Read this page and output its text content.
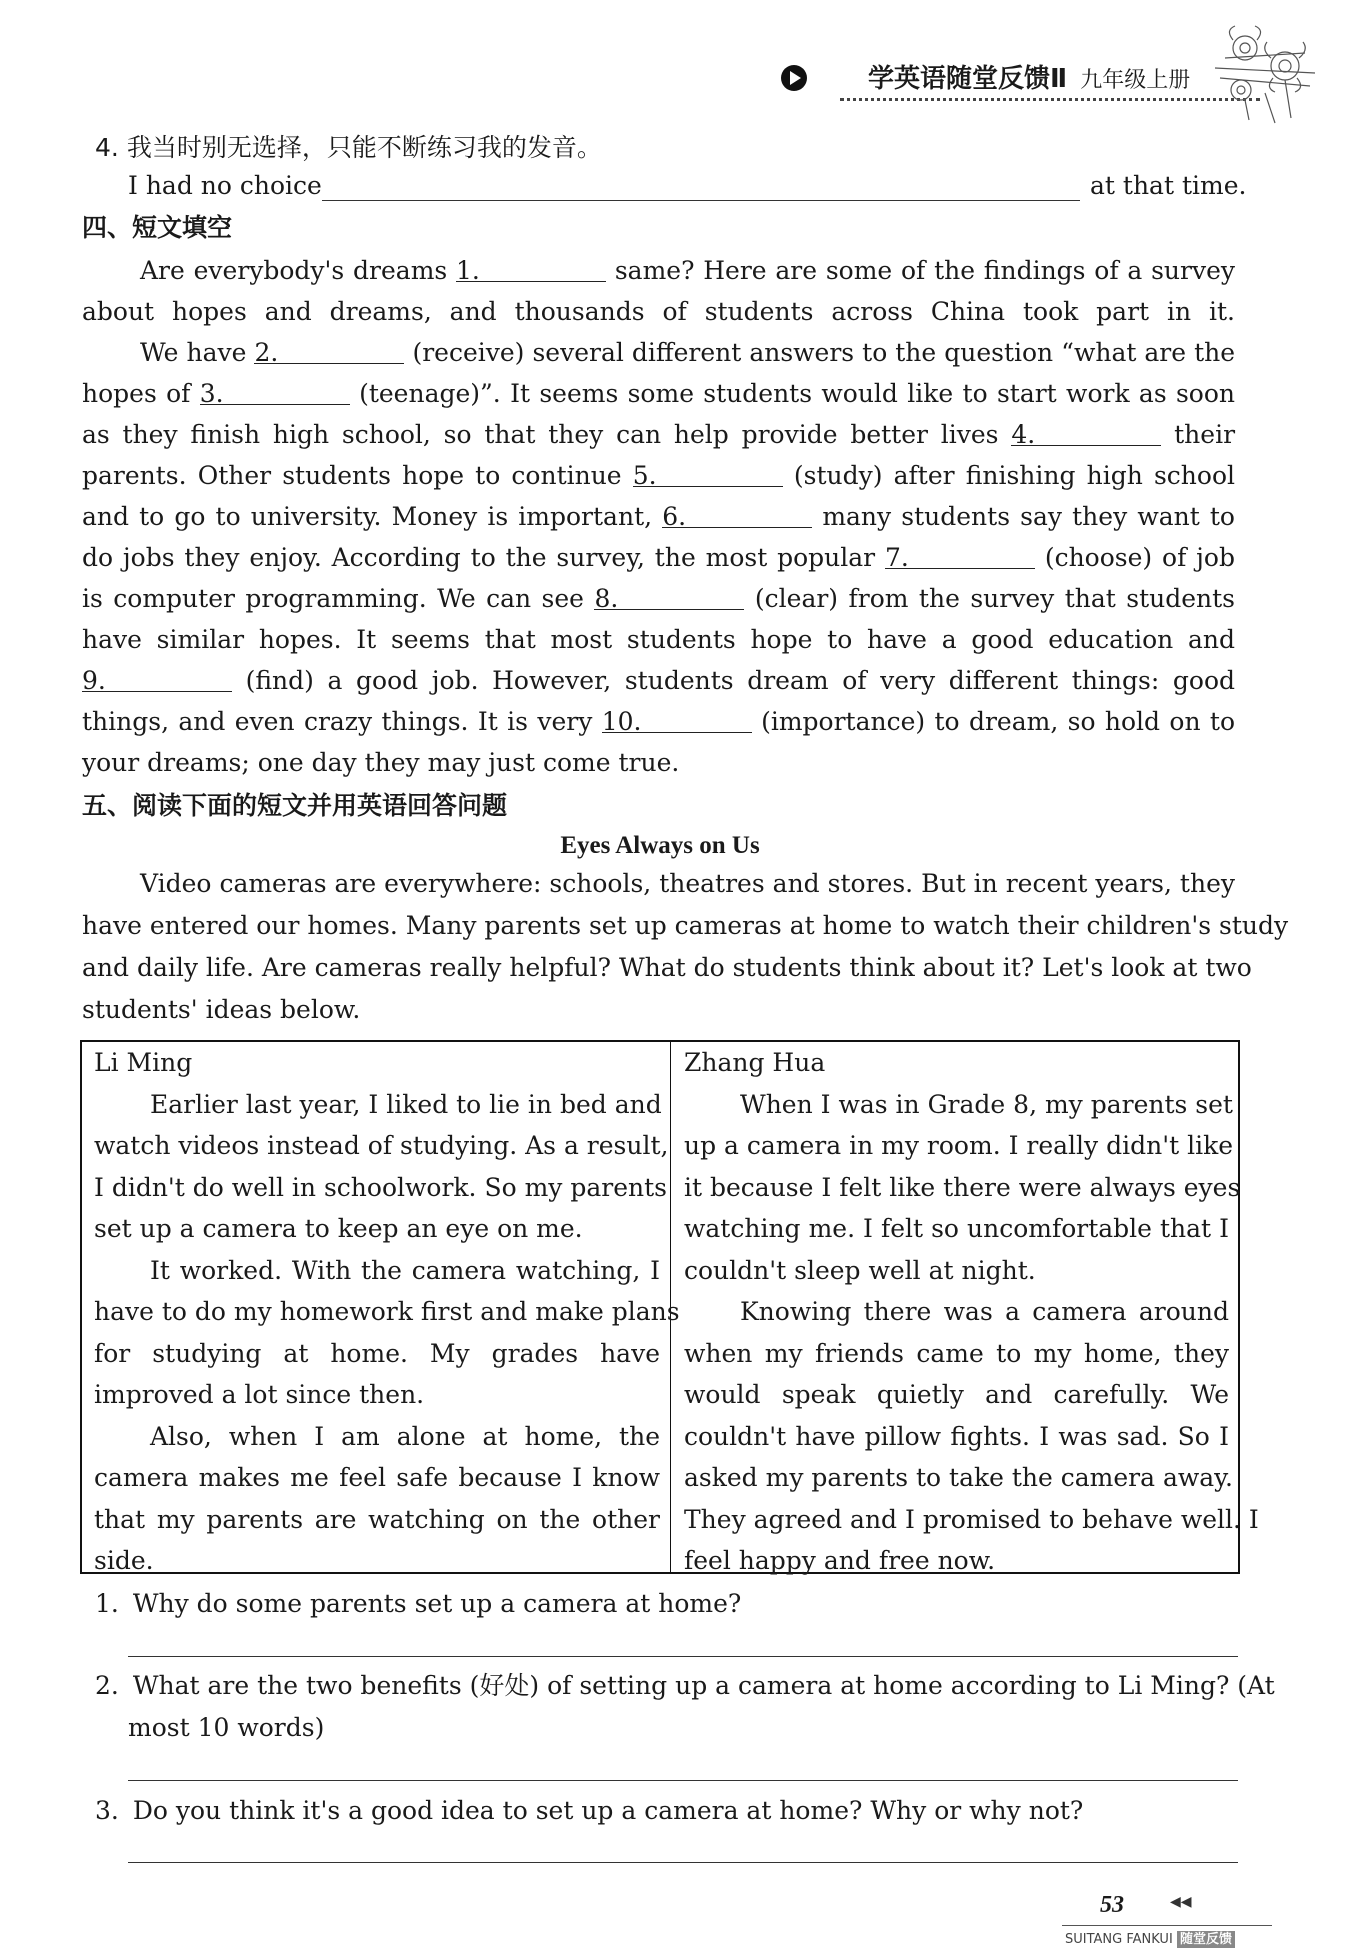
学英语随堂反馈Ⅱ 九年级上册
4. 我当时别无选择，只能不断练习我的发音。
I had no choice	at that time.
四、短文填空
Are everybody's dreams 1.	same? Here are some of the findings of a survey
about hopes and dreams, and thousands of students across China took part in it.
We have 2.	(receive) several different answers to the question “what are the
hopes of 3.	(teenage)”. It seems some students would like to start work as soon
as they finish high school, so that they can help provide better lives 4.	their
parents. Other students hope to continue 5.	(study) after finishing high school
and to go to university. Money is important, 6.	many students say they want to
do jobs they enjoy. According to the survey, the most popular 7.	(choose) of job
is computer programming. We can see 8.	(clear) from the survey that students
have similar hopes. It seems that most students hope to have a good education and
9.	(find) a good job. However, students dream of very different things: good
things, and even crazy things. It is very 10.	(importance) to dream, so hold on to
your dreams; one day they may just come true.
五、阅读下面的短文并用英语回答问题
Eyes Always on Us
Video cameras are everywhere: schools, theatres and stores. But in recent years, they
have entered our homes. Many parents set up cameras at home to watch their children's study
and daily life. Are cameras really helpful? What do students think about it? Let's look at two
students' ideas below.

Li Ming

Earlier last year, I liked to lie in bed and

watch videos instead of studying. As a result,

I didn't do well in schoolwork. So my parents

set up a camera to keep an eye on me.

It worked. With the camera watching, I

have to do my homework first and make plans

for studying at home. My grades have

improved a lot since then.

Also, when I am alone at home, the

camera makes me feel safe because I know

that my parents are watching on the other

side.

Zhang Hua

When I was in Grade 8, my parents set

up a camera in my room. I really didn't like

it because I felt like there were always eyes

watching me. I felt so uncomfortable that I

couldn't sleep well at night.

Knowing there was a camera around

when my friends came to my home, they

would speak quietly and carefully. We

couldn't have pillow fights. I was sad. So I

asked my parents to take the camera away.

They agreed and I promised to behave well. I

feel happy and free now.

1. Why do some parents set up a camera at home?
2. What are the two benefits (好处) of setting up a camera at home according to Li Ming? (At
most 10 words)
3. Do you think it's a good idea to set up a camera at home? Why or why not?
53	◀◀
SUITANG FANKUI 随堂反馈
